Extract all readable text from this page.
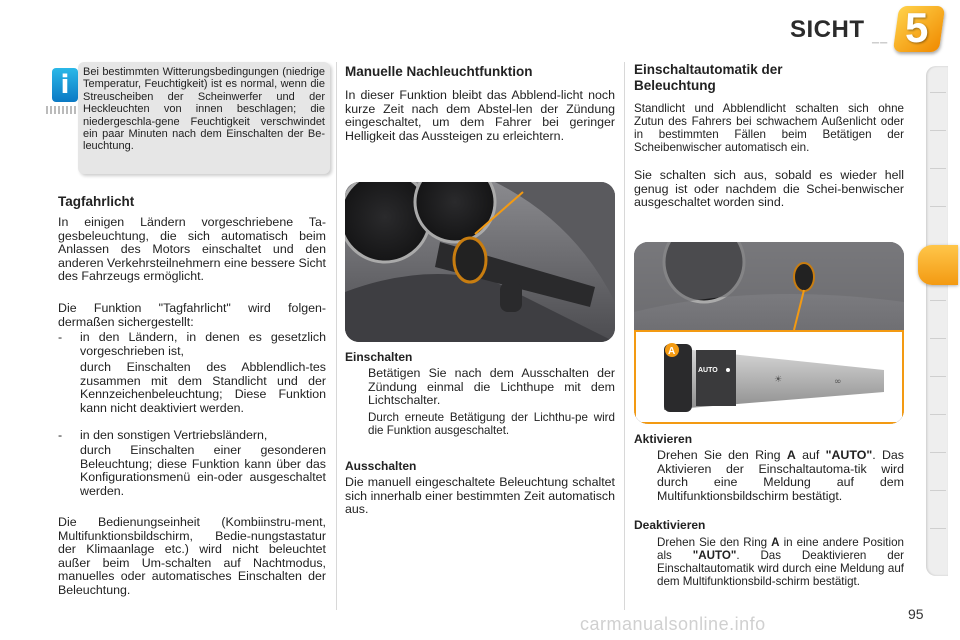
SICHT
── 5
i	Bei bestimmten Witterungsbedingungen (niedrige Temperatur, Feuchtigkeit) ist es normal, wenn die Streuscheiben der Scheinwerfer und der Heckleuchten von innen beschlagen; die niedergeschla-gene Feuchtigkeit verschwindet ein paar Minuten nach dem Einschalten der Be-leuchtung.
Tagfahrlicht
In einigen Ländern vorgeschriebene Ta-gesbeleuchtung, die sich automatisch beim Anlassen des Motors einschaltet und den anderen Verkehrsteilnehmern eine bessere Sicht des Fahrzeugs ermöglicht.
Die Funktion "Tagfahrlicht" wird folgen-dermaßen sichergestellt:
- in den Ländern, in denen es gesetzlich vorgeschrieben ist,
durch Einschalten des Abblendlich-tes zusammen mit dem Standlicht und der Kennzeichenbeleuchtung; Diese Funktion kann nicht deaktiviert werden.
- in den sonstigen Vertriebsländern,
durch Einschalten einer gesonderen Beleuchtung; diese Funktion kann über das Konfigurationsmenü ein-oder ausgeschaltet werden.
Die Bedienungseinheit (Kombiinstru-ment, Multifunktionsbildschirm, Bedie-nungstastatur der Klimaanlage etc.) wird nicht beleuchtet außer beim Um-schalten auf Nachtmodus, manuelles oder automatisches Einschalten der Beleuchtung.
Manuelle Nachleuchtfunktion
In dieser Funktion bleibt das Abblend-licht noch kurze Zeit nach dem Abstel-len der Zündung eingeschaltet, um dem Fahrer bei geringer Helligkeit das Aussteigen zu erleichtern.
Einschalten
Betätigen Sie nach dem Ausschalten der Zündung einmal die Lichthupe mit dem Lichtschalter.
Durch erneute Betätigung der Lichthu-pe wird die Funktion ausgeschaltet.
Ausschalten
Die manuell eingeschaltete Beleuchtung schaltet sich innerhalb einer bestimmten Zeit automatisch aus.
Einschaltautomatik der
Beleuchtung
Standlicht und Abblendlicht schalten sich ohne Zutun des Fahrers bei schwachem Außenlicht oder in bestimmten Fällen beim Betätigen der Scheibenwischer automatisch ein.
Sie schalten sich aus, sobald es wieder hell genug ist oder nachdem die Schei-benwischer ausgeschaltet worden sind.
A
AUTO
☀	∞
Aktivieren
Drehen Sie den Ring A auf "AUTO". Das Aktivieren der Einschaltautoma-tik wird durch eine Meldung auf dem Multifunktionsbildschirm bestätigt.
Deaktivieren
Drehen Sie den Ring A in eine andere Position als "AUTO". Das Deaktivieren der Einschaltautomatik wird durch eine Meldung auf dem Multifunktionsbild-schirm bestätigt.
carmanualsonline.info	95
